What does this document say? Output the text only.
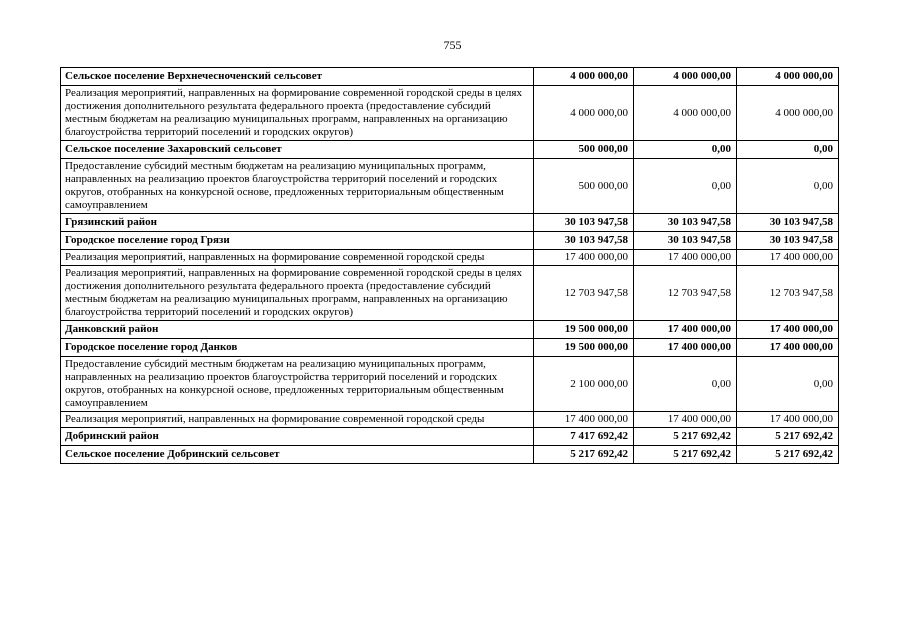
755
Сельское поселение Верхнечесноченский сельсовет	4 000 000,00	4 000 000,00	4 000 000,00
Реализация мероприятий, направленных на формирование современной городской среды в целях достижения дополнительного результата федерального проекта (предоставление субсидий местным бюджетам на реализацию муниципальных программ, направленных на организацию благоустройства территорий поселений и городских округов)	4 000 000,00	4 000 000,00	4 000 000,00
Сельское поселение Захаровский сельсовет	500 000,00	0,00	0,00
Предоставление субсидий местным бюджетам на реализацию муниципальных программ, направленных на реализацию проектов благоустройства территорий поселений и городских округов, отобранных на конкурсной основе, предложенных территориальным общественным самоуправлением	500 000,00	0,00	0,00
Грязинский район	30 103 947,58	30 103 947,58	30 103 947,58
Городское поселение город Грязи	30 103 947,58	30 103 947,58	30 103 947,58
Реализация мероприятий, направленных на формирование современной городской среды	17 400 000,00	17 400 000,00	17 400 000,00
Реализация мероприятий, направленных на формирование современной городской среды в целях достижения дополнительного результата федерального проекта (предоставление субсидий местным бюджетам на реализацию муниципальных программ, направленных на организацию благоустройства территорий поселений и городских округов)	12 703 947,58	12 703 947,58	12 703 947,58
Данковский район	19 500 000,00	17 400 000,00	17 400 000,00
Городское поселение город Данков	19 500 000,00	17 400 000,00	17 400 000,00
Предоставление субсидий местным бюджетам на реализацию муниципальных программ, направленных на реализацию проектов благоустройства территорий поселений и городских округов, отобранных на конкурсной основе, предложенных территориальным общественным самоуправлением	2 100 000,00	0,00	0,00
Реализация мероприятий, направленных на формирование современной городской среды	17 400 000,00	17 400 000,00	17 400 000,00
Добринский район	7 417 692,42	5 217 692,42	5 217 692,42
Сельское поселение Добринский сельсовет	5 217 692,42	5 217 692,42	5 217 692,42
